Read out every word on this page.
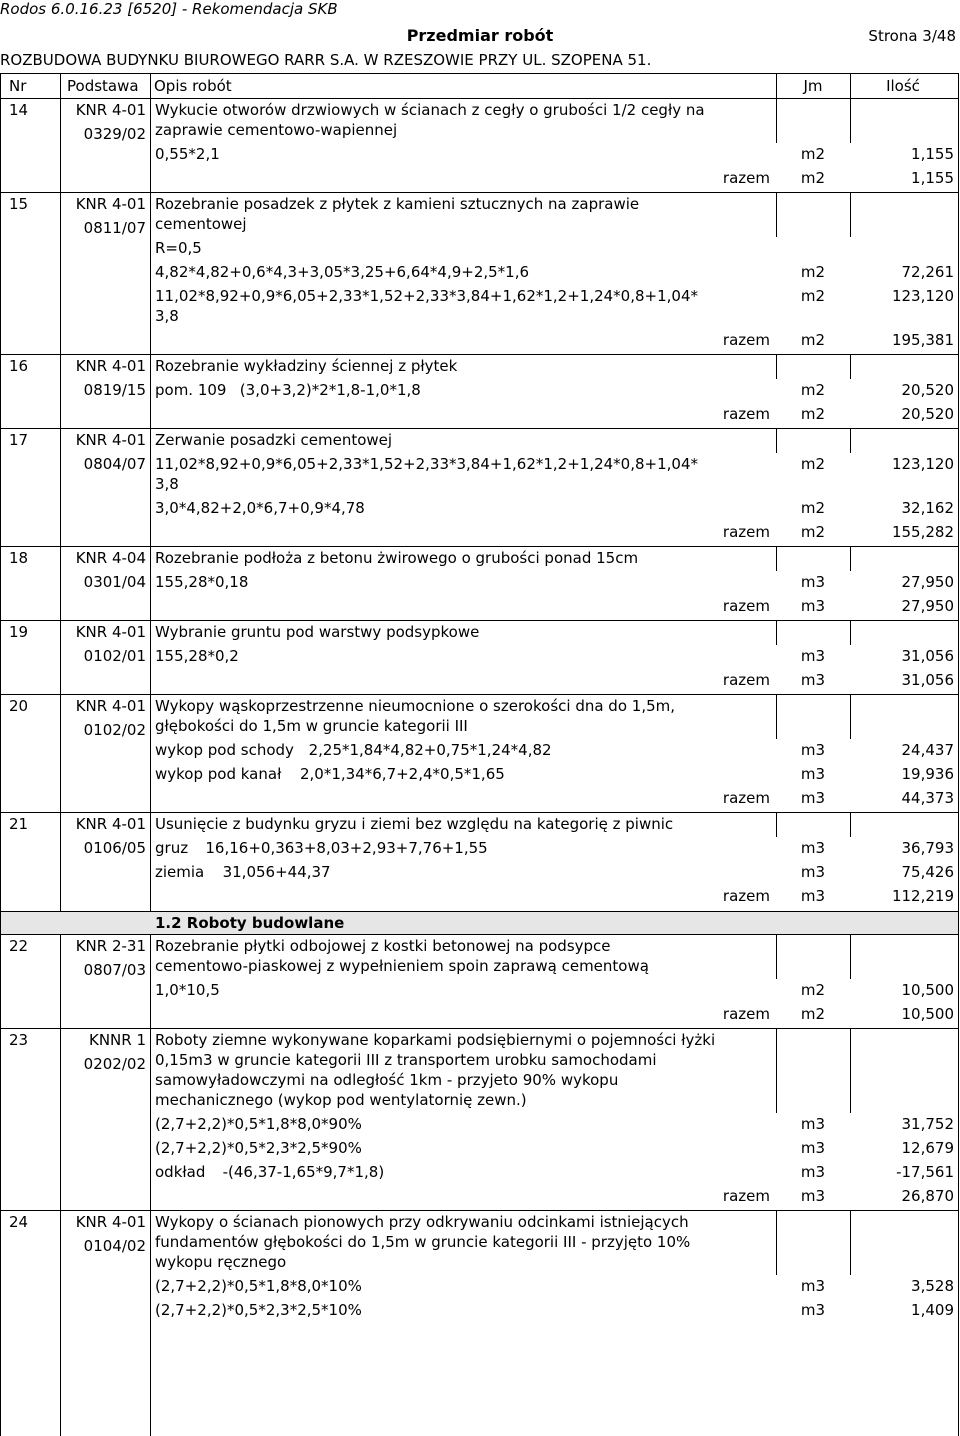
Rodos 6.0.16.23 [6520] - Rekomendacja SKB
Przedmiar robót	Strona 3/48
ROZBUDOWA BUDYNKU BIUROWEGO RARR S.A. W RZESZOWIE PRZY UL. SZOPENA 51.
Nr	Podstawa Opis robót	Jm	Ilość
14	KNR 4-01
0329/02
Wykucie otworów drzwiowych w ścianach z cegły o grubości 1/2 cegły na
zaprawie cementowo-wapiennej
0,55*2,1	m2	1,155
razem	m2	1,155
15	KNR 4-01
0811/07
Rozebranie posadzek z płytek z kamieni sztucznych na zaprawie
cementowej
R=0,5
4,82*4,82+0,6*4,3+3,05*3,25+6,64*4,9+2,5*1,6	m2	72,261
11,02*8,92+0,9*6,05+2,33*1,52+2,33*3,84+1,62*1,2+1,24*0,8+1,04*
3,8
m2	123,120
razem	m2	195,381
16	KNR 4-01
0819/15
Rozebranie wykładziny ściennej z płytek
pom. 109 (3,0+3,2)*2*1,8-1,0*1,8	m2	20,520
razem	m2	20,520
17	KNR 4-01
0804/07
Zerwanie posadzki cementowej
11,02*8,92+0,9*6,05+2,33*1,52+2,33*3,84+1,62*1,2+1,24*0,8+1,04*
3,8
m2	123,120
3,0*4,82+2,0*6,7+0,9*4,78	m2	32,162
razem	m2	155,282
18	KNR 4-04
0301/04
Rozebranie podłoża z betonu żwirowego o grubości ponad 15cm
155,28*0,18	m3	27,950
razem	m3	27,950
19	KNR 4-01
0102/01
Wybranie gruntu pod warstwy podsypkowe
155,28*0,2	m3	31,056
razem	m3	31,056
20	KNR 4-01
0102/02
Wykopy wąskoprzestrzenne nieumocnione o szerokości dna do 1,5m,
głębokości do 1,5m w gruncie kategorii III
wykop pod schody 2,25*1,84*4,82+0,75*1,24*4,82	m3	24,437
wykop pod kanał 2,0*1,34*6,7+2,4*0,5*1,65	m3	19,936
razem	m3	44,373
21	KNR 4-01
0106/05
Usunięcie z budynku gryzu i ziemi bez względu na kategorię z piwnic
gruz 16,16+0,363+8,03+2,93+7,76+1,55	m3	36,793
ziemia 31,056+44,37	m3	75,426
razem	m3	112,219
1.2 Roboty budowlane
22	KNR 2-31
0807/03
Rozebranie płytki odbojowej z kostki betonowej na podsypce
cementowo-piaskowej z wypełnieniem spoin zaprawą cementową
1,0*10,5	m2	10,500
razem	m2	10,500
23	KNNR 1
0202/02
Roboty ziemne wykonywane koparkami podsiębiernymi o pojemności łyżki
0,15m3 w gruncie kategorii III z transportem urobku samochodami
samowyładowczymi na odległość 1km - przyjeto 90% wykopu
mechanicznego (wykop pod wentylatornię zewn.)
(2,7+2,2)*0,5*1,8*8,0*90%	m3	31,752
(2,7+2,2)*0,5*2,3*2,5*90%	m3	12,679
odkład -(46,37-1,65*9,7*1,8)	m3	-17,561
razem	m3	26,870
24	KNR 4-01
0104/02
Wykopy o ścianach pionowych przy odkrywaniu odcinkami istniejących
fundamentów głębokości do 1,5m w gruncie kategorii III - przyjęto 10%
wykopu ręcznego
(2,7+2,2)*0,5*1,8*8,0*10%	m3	3,528
(2,7+2,2)*0,5*2,3*2,5*10%	m3	1,409
